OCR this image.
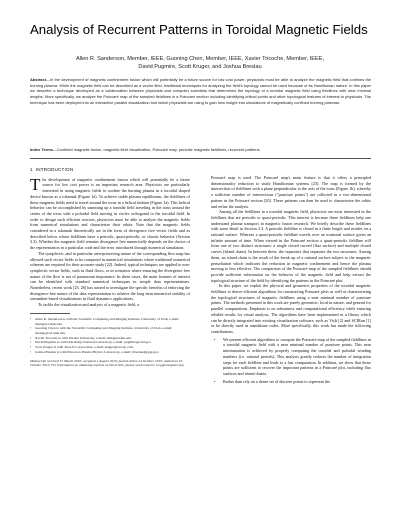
Analysis of Recurrent Patterns in Toroidal Magnetic Fields
Allen R. Sanderson, Member, IEEE, Guoning Chen, Member, IEEE, Xavier Tricoche, Member, IEEE,
David Pugmire, Scott Kruger, and Joshua Breslau
Abstract—In the development of magnetic confinement fusion which will potentially be a future source for low cost power, physicists must be able to analyze the magnetic field that confines the burning plasma. While the magnetic field can be described as a vector field, traditional techniques for analyzing the field's topology cannot be used because of its Hamiltonian nature. In this paper we describe a technique developed as a collaboration between physicists and computer scientists that determines the topology of a toroidal magnetic field using fieldlines with near minimal lengths. More specifically, we analyze the Poincaré map of the sampled fieldlines in a Poincaré section including identifying critical points and other topological features of interest to physicists. The technique has been deployed into an interactive parallel visualization tool which physicists are using to gain new insight into simulations of magnetically confined burning plasmas.
Index Terms—Confined magnetic fusion, magnetic field visualization, Poincaré map, periodic magnetic fieldlines, recurrent patterns.
1 INTRODUCTION

The development of magnetic confinement fusion which will potentially be a future source for low cost power is an important research area. Physicists are particularly interested in using magnetic fields to confine the burning plasma in a toroidal shaped device known as a tokamak (Figure 1a). To achieve stable plasma equilibrium, the fieldlines of these magnetic fields need to travel around the torus in a helical fashion (Figure 1a). This helical behavior can be accomplished by summing up a toroidal field traveling in the torus around the center of the torus with a poloidal field moving in circles orthogonal to the toroidal field. In order to design such efficient reactors, physicists must be able to analyze the magnetic fields from numerical simulations and characterize their orbits. Note that the magnetic fields considered in a tokamak theoretically are in the form of divergence free vector fields and as described below whose fieldlines have a periodic, quasi-periodic, or chaotic behavior (Section 3.3). Whether the magnetic field remains divergence free numerically depends on the choice of the representation in a particular code and the error introduced through numerical simulation.

The symplectic, and in particular area-preserving nature of the corresponding flow map has allowed such vector fields to be computed in numerical simulations where traditional numerical schemes are required for their accurate study [22]. Indeed, typical techniques are applied to non-symplectic vector fields, such as fluid flows, or in scenarios where ensuring the divergence free nature of the flow is not of paramount importance. In these cases, the main features of interest can be identified with standard numerical techniques in simple data representations. Nonetheless, recent work [25, 26] has started to investigate the specific benefits of enforcing the divergence-free nature of the data representation to achieve the long term numerical stability of streamline-based visualizations in fluid dynamics applications.

To tackle the visualization and analysis of a magnetic field, a

•	Allen R. Sanderson is with the Scientific Computing and Imaging Institute, University of Utah, e-mail: allen@sci.utah.edu.
•	Guoning Chen is with the Scientific Computing and Imaging Institute, University of Utah, e-mail: chengu@sci.utah.edu.
•	Xavier Tricoche is with Purdue University, e-mail: xmt@purdue.edu.
•	David Pugmire is with Oak Ridge National Laboratory, e-mail: pugmire@ornl.gov.
•	Scott Kruger is with Tech-X Corporation, e-mail: kruger@txcorp.com.
•	Joshua Breslau is with Princeton Plasma Physics Laboratory, e-mail: jbreslau@pppl.gov.
Manuscript received 31 March 2010; accepted 1 August 2010; posted online 24 October 2010; mailed on 16 October 2010. For information on obtaining reprints of this article, please send email to: tvcg@computer.org.

Poincaré map is used. The Poincaré map's main feature is that it offers a principled dimensionality reduction to study Hamiltonian systems [23]. The map is formed by the intersection of fieldlines with a plane perpendicular to the axis of the torus (Figure 1b), whereby a sufficient number of intersections ("puncture points") are collected in a two-dimensional pattern in the Poincaré section [20]. These patterns can then be used to characterize the orbits and refine the analysis.

Among all the fieldlines in a toroidal magnetic field, physicists are most interested in the fieldlines that are periodic or quasi-periodic. This interest is because these fieldlines help one understand plasma transport in magnetic fusion research. We briefly describe these fieldlines with more detail in Section 3.3. A periodic fieldline is closed in a finite length and resides on a rational surface. Whereas a quasi-periodic fieldline travels over an irrational surface given an infinite amount of time. When viewed in the Poincaré section a quasi-periodic fieldline will form one of two distinct structures: a single closed curved (flux surface) and multiple closed curves (island chain). In between these, the separatrix that separates the two structures. Among them, an island chain is the result of the break up of a rational surface subject to the magnetic perturbation which indicates the reduction in magnetic confinement and hence the plasma moving to less effective. The comparison of the Poincaré map of the sampled fieldlines should provide sufficient information on the behavior of the magnetic field and help extract the topological structure of the field by identifying the patterns in the Poincaré plot.

In this paper, we exploit the physical and geometric properties of the toroidal magnetic fieldlines to derive efficient algorithms for constructing Poincaré plots as well as characterizing the topological structures of magnetic fieldlines using a near minimal number of puncture points. The methods presented in this work are purely geometric, local in nature, and general for parallel computations. Emphasis is on robustness and computational efficiency while ensuring reliable results for visual analysis. The algorithms have been implemented in a library which can be directly integrated into existing visualization software, such as VisIt [2] and SCIRun [1] or be directly used as standalone codes. More specifically, this work has made the following contributions.

•	We present efficient algorithms to compute the Poincaré map of the sampled fieldlines in a toroidal magnetic field with a near minimal number of puncture points. This near minimization is achieved by properly computing the toroidal and poloidal winding numbers (i.e. rational periods). This analysis greatly reduces the number of integration steps for each fieldline and leads to a fast computation. In addition, we show that those points are sufficient to recover the important patterns in a Poincaré plot, including flux surfaces and island chains.
•	Rather than rely on a dense set of discrete points to represent the
